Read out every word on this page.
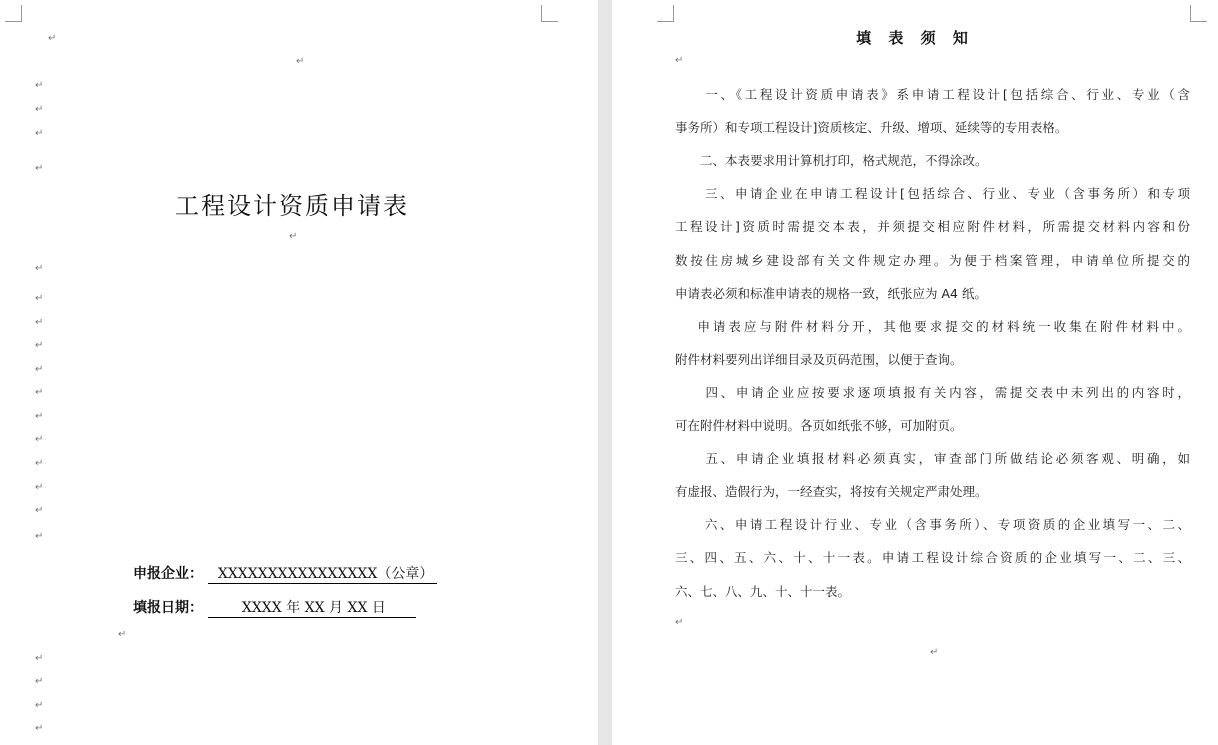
↵
↵
↵
↵
↵
↵
↵
↵
↵
↵
↵
↵
↵
↵
↵
↵
↵
↵
↵
↵
↵
↵
↵
↵
工程设计资质申请表
申报企业： XXXXXXXXXXXXXXXX（公章）
填报日期：	XXXX 年 XX 月 XX 日
填 表 须 知
　　一、《工程设计资质申请表》系申请工程设计[包括综合、行业、专业（含
事务所）和专项工程设计]资质核定、升级、增项、延续等的专用表格。
　　二、本表要求用计算机打印，格式规范，不得涂改。
　　三、申请企业在申请工程设计[包括综合、行业、专业（含事务所）和专项
工程设计]资质时需提交本表，并须提交相应附件材料，所需提交材料内容和份
数按住房城乡建设部有关文件规定办理。为便于档案管理，申请单位所提交的
申请表必须和标准申请表的规格一致，纸张应为 A4 纸。
　 申请表应与附件材料分开，其他要求提交的材料统一收集在附件材料中。
附件材料要列出详细目录及页码范围，以便于查询。
　　四、申请企业应按要求逐项填报有关内容，需提交表中未列出的内容时，
可在附件材料中说明。各页如纸张不够，可加附页。
　　五、申请企业填报材料必须真实，审查部门所做结论必须客观、明确，如
有虚报、造假行为，一经查实，将按有关规定严肃处理。
　　六、申请工程设计行业、专业（含事务所）、专项资质的企业填写一、二、
三、四、五、六、十、十一表。申请工程设计综合资质的企业填写一、二、三、
六、七、八、九、十、十一表。
↵
↵
↵
